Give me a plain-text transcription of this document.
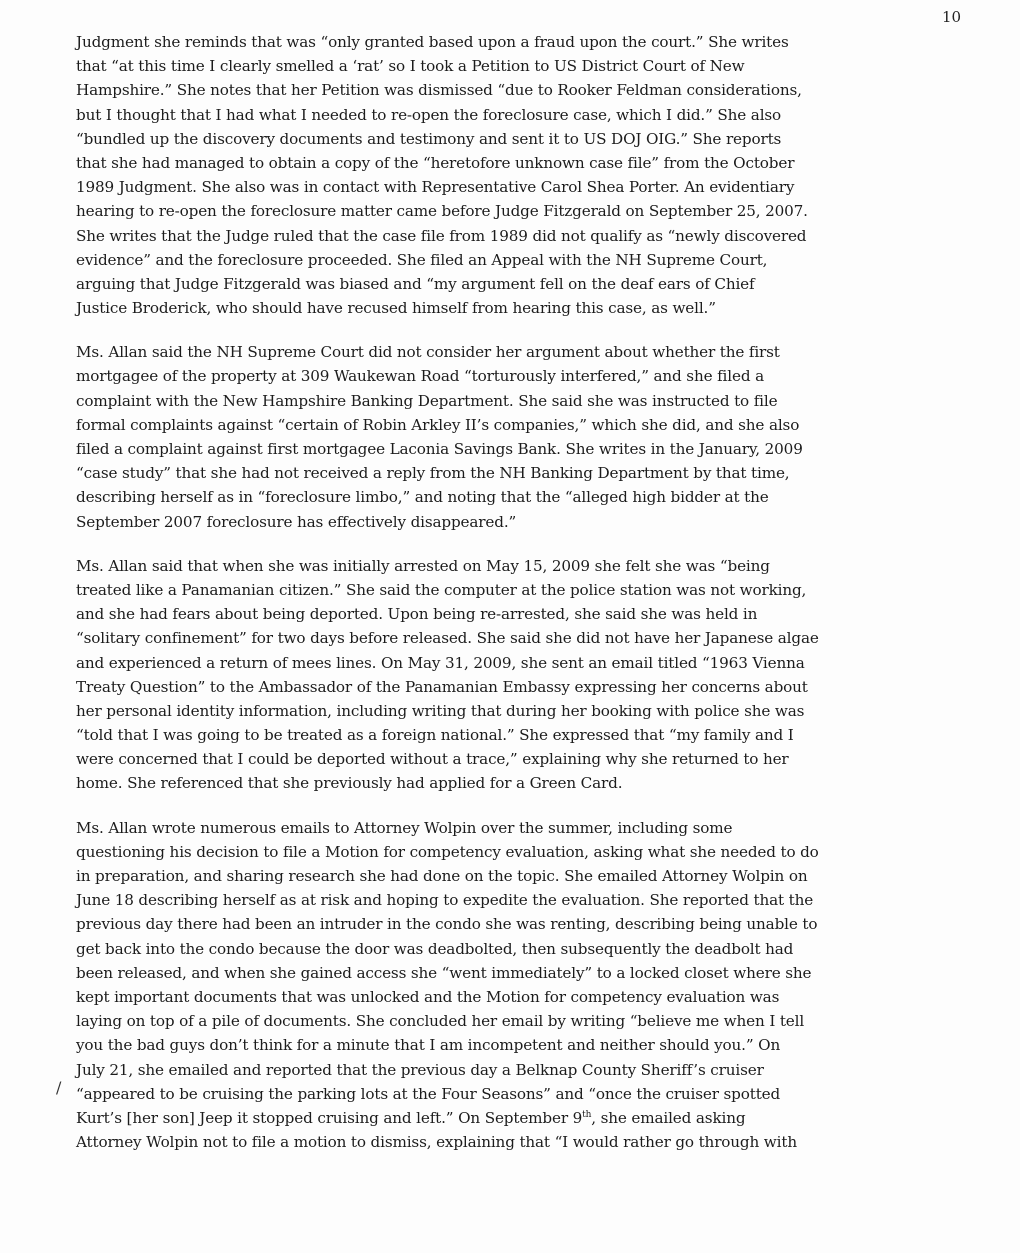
10
/
Judgment she reminds that was “only granted based upon a fraud upon the court.” She writes
that “at this time I clearly smelled a ‘rat’ so I took a Petition to US District Court of New
Hampshire.” She notes that her Petition was dismissed “due to Rooker Feldman considerations,
but I thought that I had what I needed to re-open the foreclosure case, which I did.” She also
“bundled up the discovery documents and testimony and sent it to US DOJ OIG.” She reports
that she had managed to obtain a copy of the “heretofore unknown case file” from the October
1989 Judgment. She also was in contact with Representative Carol Shea Porter. An evidentiary
hearing to re-open the foreclosure matter came before Judge Fitzgerald on September 25, 2007.
She writes that the Judge ruled that the case file from 1989 did not qualify as “newly discovered
evidence” and the foreclosure proceeded. She filed an Appeal with the NH Supreme Court,
arguing that Judge Fitzgerald was biased and “my argument fell on the deaf ears of Chief
Justice Broderick, who should have recused himself from hearing this case, as well.”
Ms. Allan said the NH Supreme Court did not consider her argument about whether the first
mortgagee of the property at 309 Waukewan Road “torturously interfered,” and she filed a
complaint with the New Hampshire Banking Department. She said she was instructed to file
formal complaints against “certain of Robin Arkley II’s companies,” which she did, and she also
filed a complaint against first mortgagee Laconia Savings Bank. She writes in the January, 2009
“case study” that she had not received a reply from the NH Banking Department by that time,
describing herself as in “foreclosure limbo,” and noting that the “alleged high bidder at the
September 2007 foreclosure has effectively disappeared.”
Ms. Allan said that when she was initially arrested on May 15, 2009 she felt she was “being
treated like a Panamanian citizen.” She said the computer at the police station was not working,
and she had fears about being deported. Upon being re-arrested, she said she was held in
“solitary confinement” for two days before released. She said she did not have her Japanese algae
and experienced a return of mees lines. On May 31, 2009, she sent an email titled “1963 Vienna
Treaty Question” to the Ambassador of the Panamanian Embassy expressing her concerns about
her personal identity information, including writing that during her booking with police she was
“told that I was going to be treated as a foreign national.” She expressed that “my family and I
were concerned that I could be deported without a trace,” explaining why she returned to her
home. She referenced that she previously had applied for a Green Card.
Ms. Allan wrote numerous emails to Attorney Wolpin over the summer, including some
questioning his decision to file a Motion for competency evaluation, asking what she needed to do
in preparation, and sharing research she had done on the topic. She emailed Attorney Wolpin on
June 18 describing herself as at risk and hoping to expedite the evaluation. She reported that the
previous day there had been an intruder in the condo she was renting, describing being unable to
get back into the condo because the door was deadbolted, then subsequently the deadbolt had
been released, and when she gained access she “went immediately” to a locked closet where she
kept important documents that was unlocked and the Motion for competency evaluation was
laying on top of a pile of documents. She concluded her email by writing “believe me when I tell
you the bad guys don’t think for a minute that I am incompetent and neither should you.” On
July 21, she emailed and reported that the previous day a Belknap County Sheriff’s cruiser
“appeared to be cruising the parking lots at the Four Seasons” and “once the cruiser spotted
Kurt’s [her son] Jeep it stopped cruising and left.” On September 9th, she emailed asking
Attorney Wolpin not to file a motion to dismiss, explaining that “I would rather go through with
